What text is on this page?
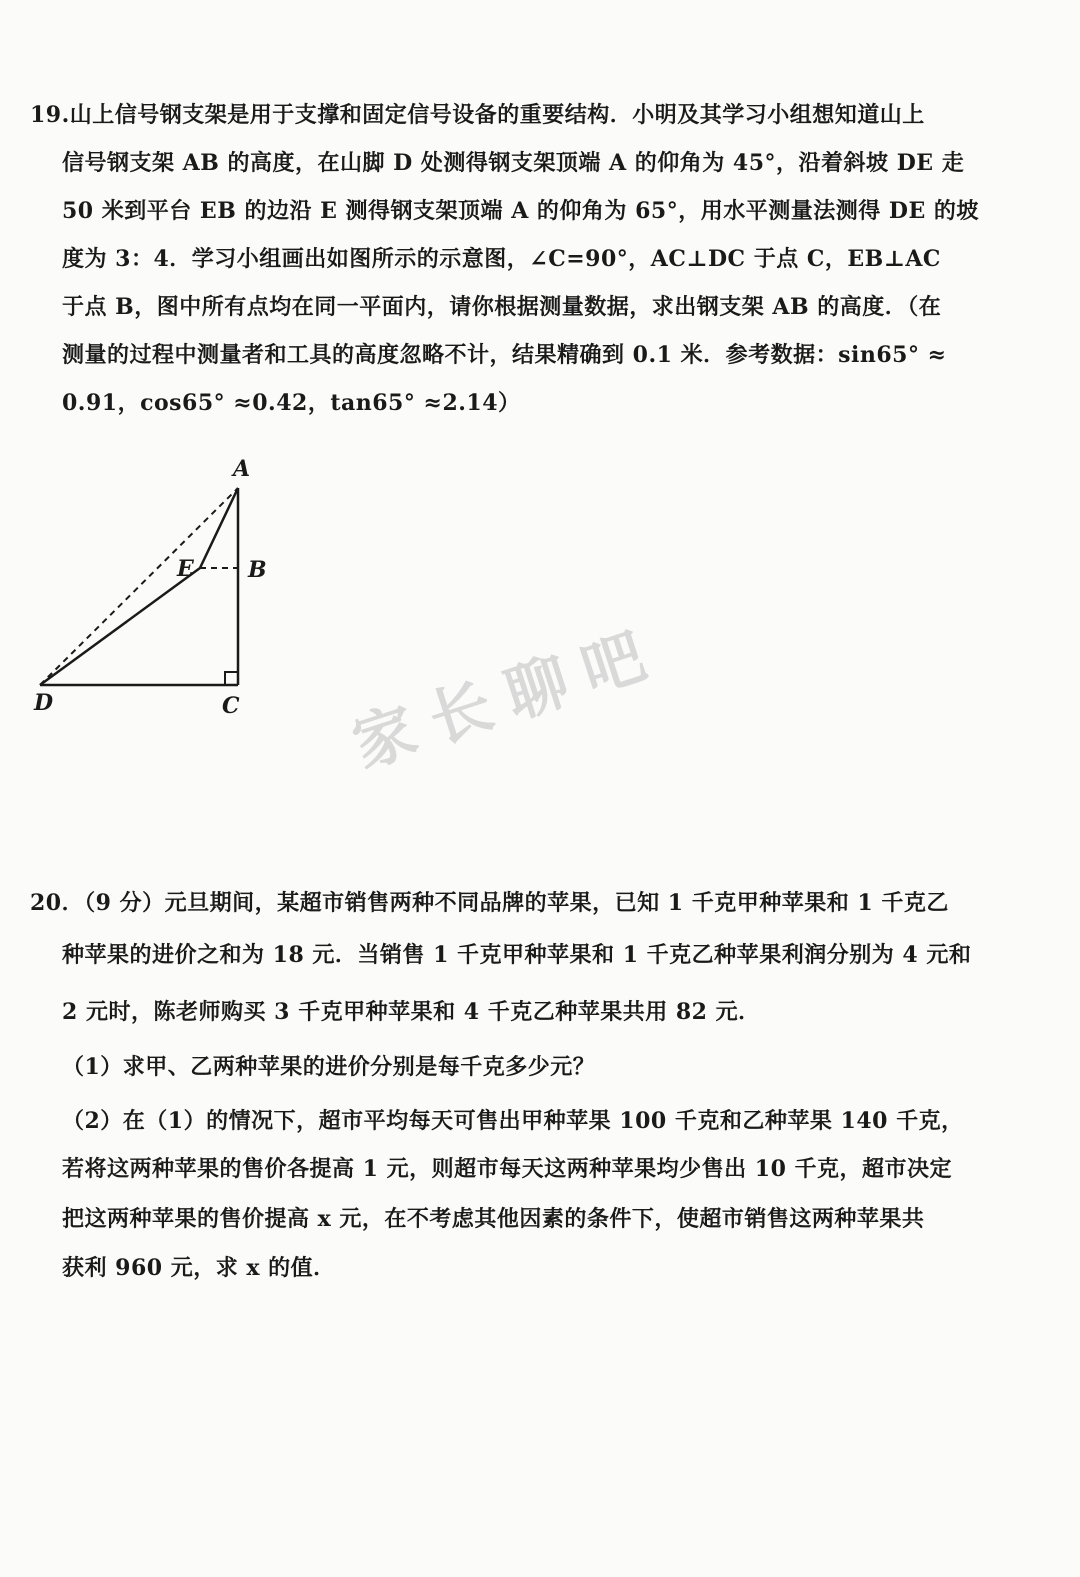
19.山上信号钢支架是用于支撑和固定信号设备的重要结构．小明及其学习小组想知道山上
信号钢支架 AB 的高度，在山脚 D 处测得钢支架顶端 A 的仰角为 45°，沿着斜坡 DE 走
50 米到平台 EB 的边沿 E 测得钢支架顶端 A 的仰角为 65°，用水平测量法测得 DE 的坡
度为 3：4．学习小组画出如图所示的示意图，∠C=90°，AC⊥DC 于点 C，EB⊥AC
于点 B，图中所有点均在同一平面内，请你根据测量数据，求出钢支架 AB 的高度．（在
测量的过程中测量者和工具的高度忽略不计，结果精确到 0.1 米．参考数据：sin65° ≈
0.91，cos65° ≈0.42，tan65° ≈2.14）
A
B
C
D
E
家长聊吧
20．（9 分）元旦期间，某超市销售两种不同品牌的苹果，已知 1 千克甲种苹果和 1 千克乙
种苹果的进价之和为 18 元．当销售 1 千克甲种苹果和 1 千克乙种苹果利润分别为 4 元和
2 元时，陈老师购买 3 千克甲种苹果和 4 千克乙种苹果共用 82 元．
（1）求甲、乙两种苹果的进价分别是每千克多少元？
（2）在（1）的情况下，超市平均每天可售出甲种苹果 100 千克和乙种苹果 140 千克，
若将这两种苹果的售价各提高 1 元，则超市每天这两种苹果均少售出 10 千克，超市决定
把这两种苹果的售价提高 x 元，在不考虑其他因素的条件下，使超市销售这两种苹果共
获利 960 元，求 x 的值．
